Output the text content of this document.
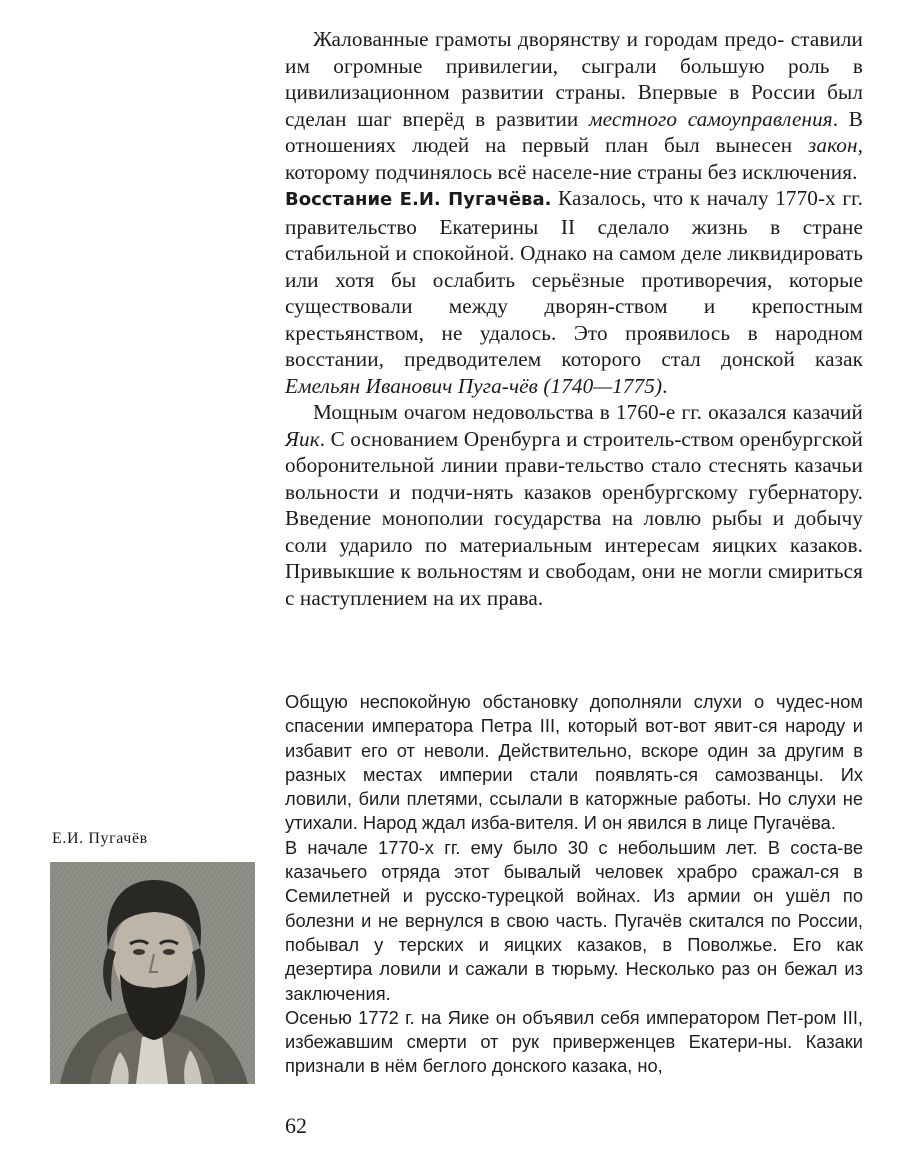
Жалованные грамоты дворянству и городам предо- ставили им огромные привилегии, сыграли большую роль в цивилизационном развитии страны. Впервые в России был сделан шаг вперёд в развитии местного самоуправления. В отношениях людей на первый план был вынесен закон, которому подчинялось всё населе-ние страны без исключения.

Восстание Е.И. Пугачёва. Казалось, что к началу 1770-х гг. правительство Екатерины II сделало жизнь в стране стабильной и спокойной. Однако на самом деле ликвидировать или хотя бы ослабить серьёзные противоречия, которые существовали между дворян-ством и крепостным крестьянством, не удалось. Это проявилось в народном восстании, предводителем которого стал донской казак Емельян Иванович Пуга-чёв (1740—1775).

Мощным очагом недовольства в 1760-е гг. оказался казачий Яик. С основанием Оренбурга и строитель-ством оренбургской оборонительной линии прави-тельство стало стеснять казачьи вольности и подчи-нять казаков оренбургскому губернатору. Введение монополии государства на ловлю рыбы и добычу соли ударило по материальным интересам яицких казаков. Привыкшие к вольностям и свободам, они не могли смириться с наступлением на их права.

Общую неспокойную обстановку дополняли слухи о чудес-ном спасении императора Петра III, который вот-вот явит-ся народу и избавит его от неволи. Действительно, вскоре один за другим в разных местах империи стали появлять-ся самозванцы. Их ловили, били плетями, ссылали в каторжные работы. Но слухи не утихали. Народ ждал изба-вителя. И он явился в лице Пугачёва.

В начале 1770-х гг. ему было 30 с небольшим лет. В соста-ве казачьего отряда этот бывалый человек храбро сражал-ся в Семилетней и русско-турецкой войнах. Из армии он ушёл по болезни и не вернулся в свою часть. Пугачёв скитался по России, побывал у терских и яицких казаков, в Поволжье. Его как дезертира ловили и сажали в тюрьму. Несколько раз он бежал из заключения.

Осенью 1772 г. на Яике он объявил себя императором Пет-ром III, избежавшим смерти от рук приверженцев Екатери-ны. Казаки признали в нём беглого донского казака, но,

Е.И. Пугачёв
62
